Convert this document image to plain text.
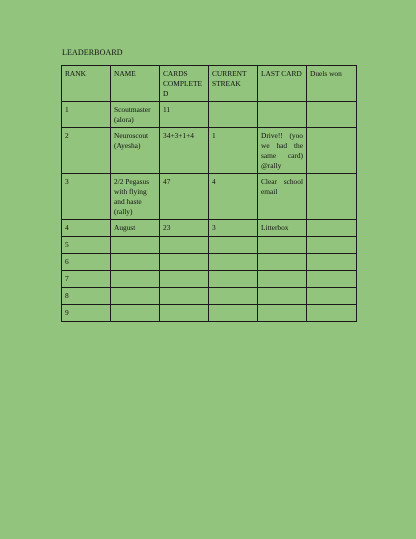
LEADERBOARD
RANK	NAME	CARDS COMPLETED	CURRENT STREAK	LAST CARD	Duels won
1	Scoutmaster (alora)	11			
2	Neuroscout (Ayesha)	34+3+1+4	1	Drive!! (yoo we had the same card) @rally	
3	2/2 Pegasus with flying and haste (rally)	47	4	Clear school email	
4	August	23	3	Litterbox	
5					
6					
7					
8					
9					
